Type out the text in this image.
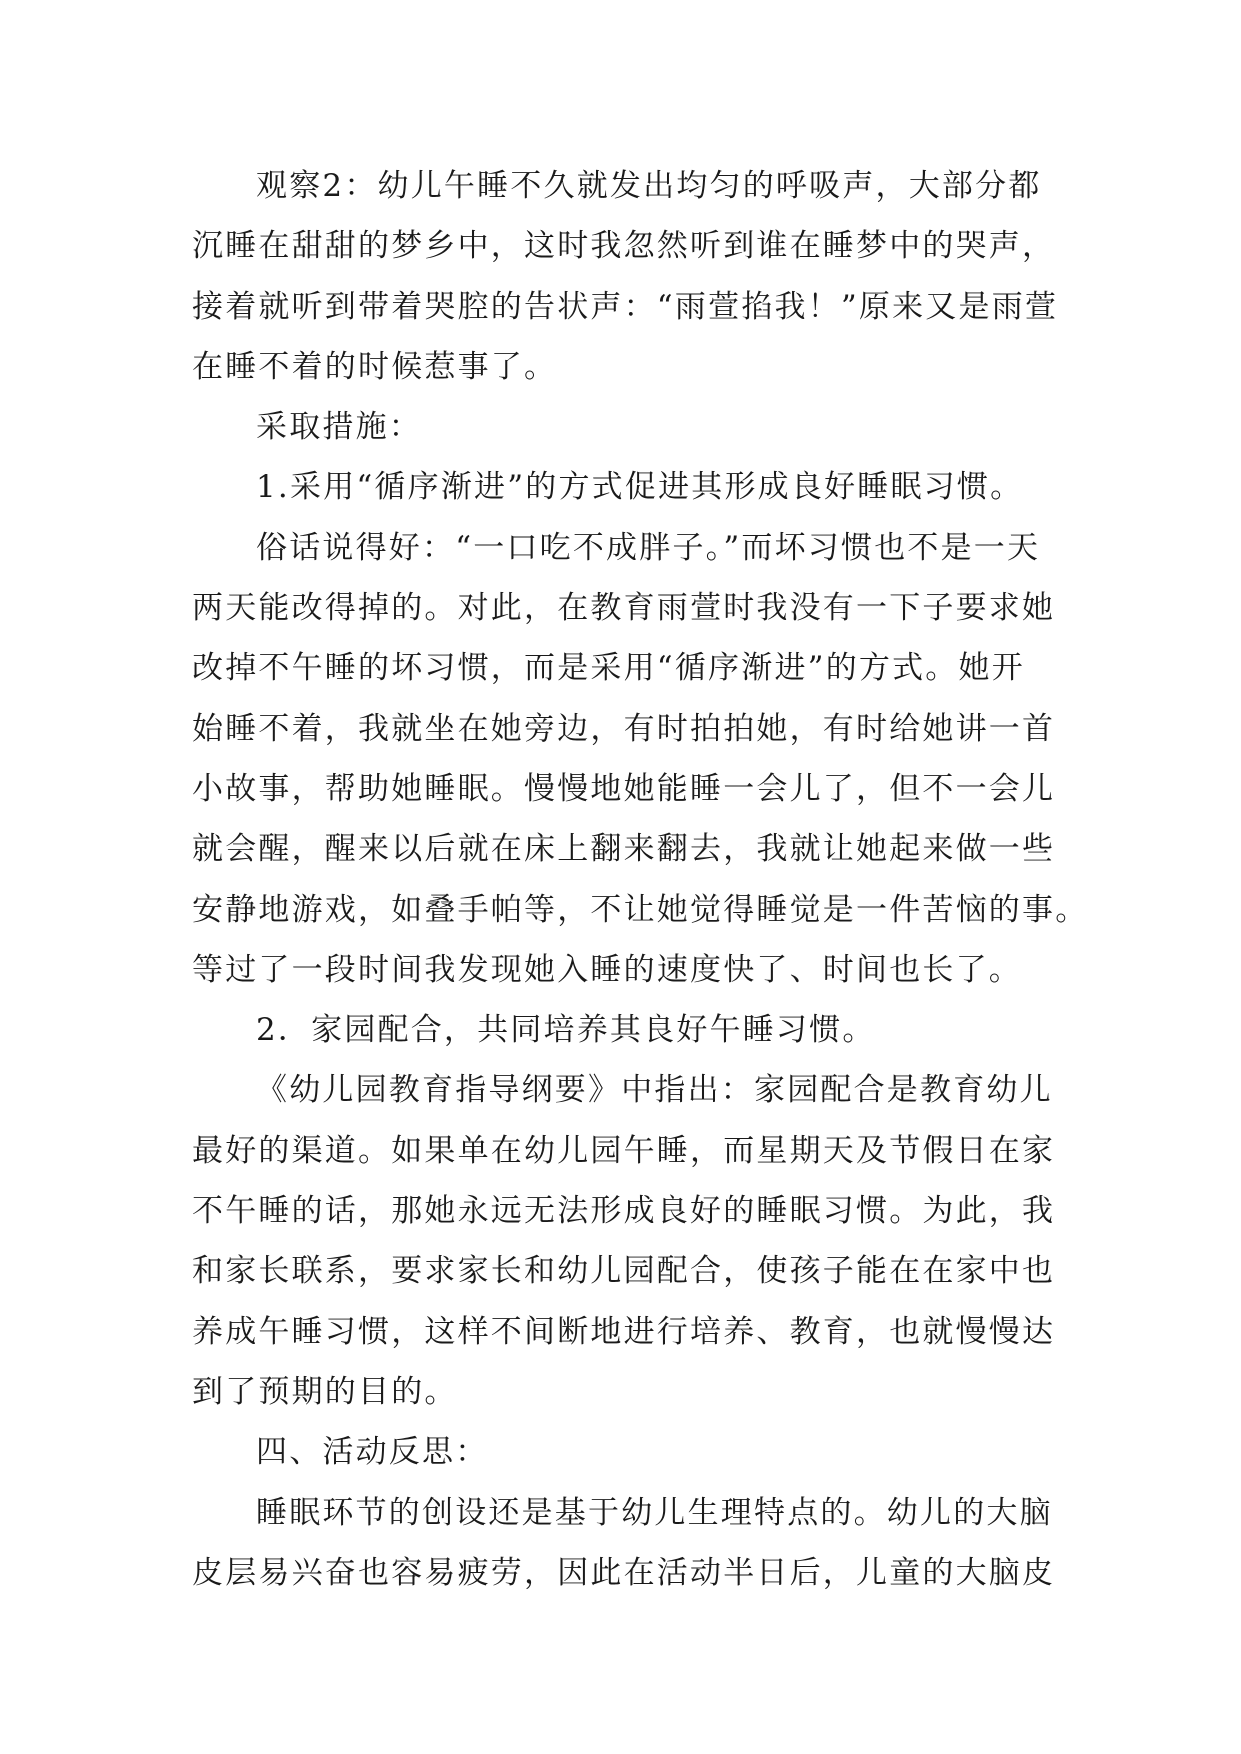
观察2：幼儿午睡不久就发出均匀的呼吸声，大部分都
沉睡在甜甜的梦乡中，这时我忽然听到谁在睡梦中的哭声，
接着就听到带着哭腔的告状声：“雨萱掐我！”原来又是雨萱
在睡不着的时候惹事了。
采取措施：
1.采用“循序渐进”的方式促进其形成良好睡眠习惯。
俗话说得好：“一口吃不成胖子。”而坏习惯也不是一天
两天能改得掉的。对此，在教育雨萱时我没有一下子要求她
改掉不午睡的坏习惯，而是采用“循序渐进”的方式。她开
始睡不着，我就坐在她旁边，有时拍拍她，有时给她讲一首
小故事，帮助她睡眠。慢慢地她能睡一会儿了，但不一会儿
就会醒，醒来以后就在床上翻来翻去，我就让她起来做一些
安静地游戏，如叠手帕等，不让她觉得睡觉是一件苦恼的事。
等过了一段时间我发现她入睡的速度快了、时间也长了。
2．家园配合，共同培养其良好午睡习惯。
《幼儿园教育指导纲要》中指出：家园配合是教育幼儿
最好的渠道。如果单在幼儿园午睡，而星期天及节假日在家
不午睡的话，那她永远无法形成良好的睡眠习惯。为此，我
和家长联系，要求家长和幼儿园配合，使孩子能在在家中也
养成午睡习惯，这样不间断地进行培养、教育，也就慢慢达
到了预期的目的。
四、活动反思：
睡眠环节的创设还是基于幼儿生理特点的。幼儿的大脑
皮层易兴奋也容易疲劳，因此在活动半日后，儿童的大脑皮
